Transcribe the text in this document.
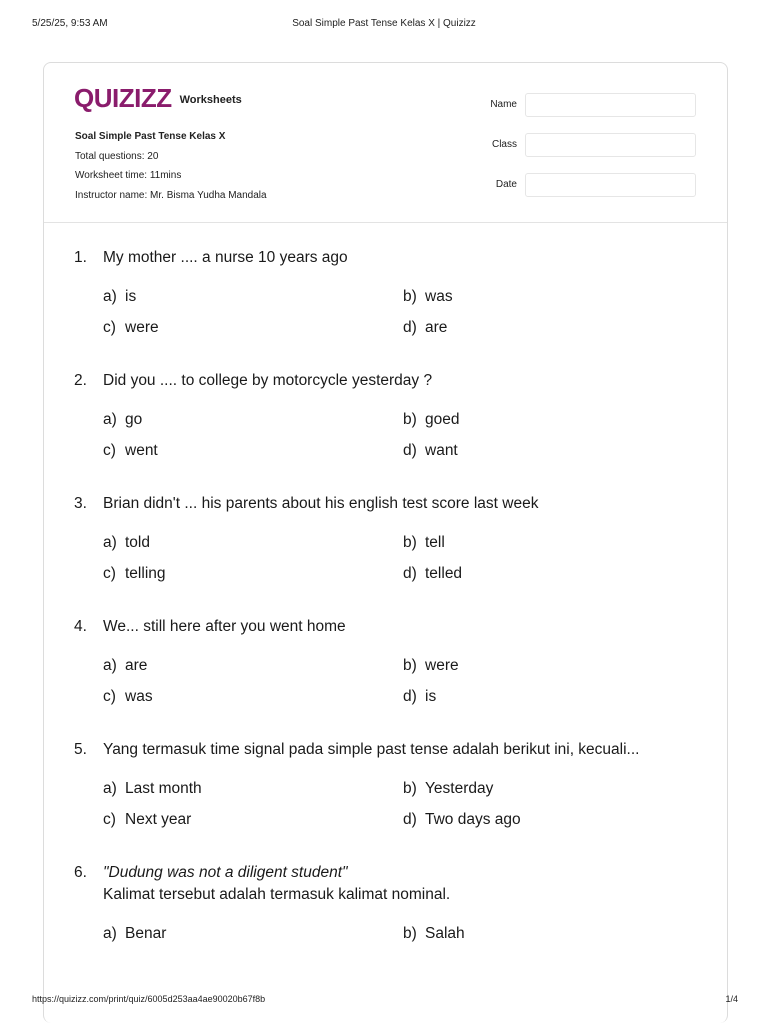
5/25/25, 9:53 AM	Soal Simple Past Tense Kelas X | Quizizz
QUIZIZZ Worksheets
Soal Simple Past Tense Kelas X
Total questions: 20
Worksheet time: 11mins
Instructor name: Mr. Bisma Yudha Mandala
Name
Class
Date
1.	My mother .... a nurse 10 years ago
a) is	b) was
c) were	d) are
2.	Did you .... to college by motorcycle yesterday ?
a) go	b) goed
c) went	d) want
3.	Brian didn't ... his parents about his english test score last week
a) told	b) tell
c) telling	d) telled
4.	We... still here after you went home
a) are	b) were
c) was	d) is
5.	Yang termasuk time signal pada simple past tense adalah berikut ini, kecuali...
a) Last month	b) Yesterday
c) Next year	d) Two days ago
6.	"Dudung was not a diligent student"
Kalimat tersebut adalah termasuk kalimat nominal.
a) Benar	b) Salah
https://quizizz.com/print/quiz/6005d253aa4ae90020b67f8b	1/4
